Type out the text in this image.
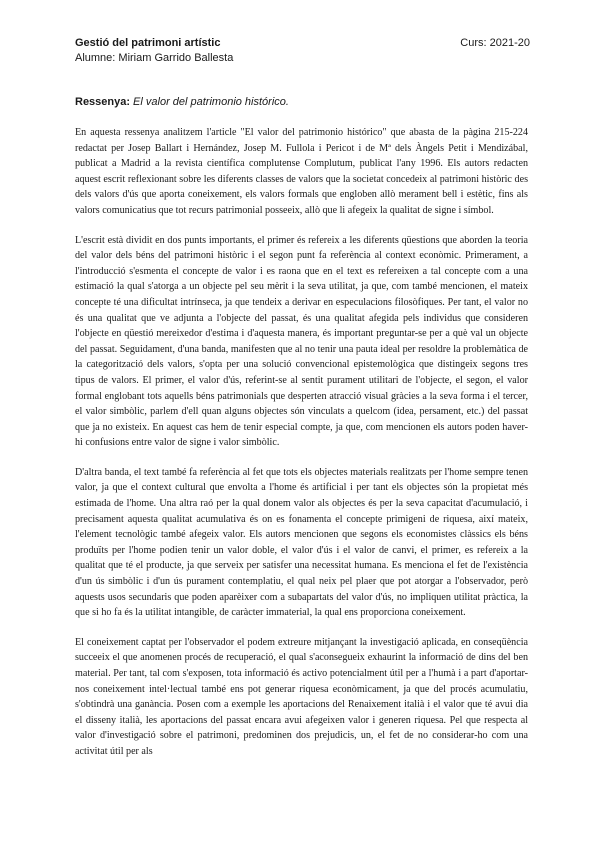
Gestió del patrimoni artístic	Curs: 2021-20
Alumne: Miriam Garrido Ballesta
Ressenya: El valor del patrimonio histórico.

En aquesta ressenya analitzem l'article "El valor del patrimonio histórico" que abasta de la pàgina 215-224 redactat per Josep Ballart i Hernández, Josep M. Fullola i Pericot i de Mª dels Àngels Petit i Mendizábal, publicat a Madrid a la revista científica complutense Complutum, publicat l'any 1996. Els autors redacten aquest escrit reflexionant sobre les diferents classes de valors que la societat concedeix al patrimoni històric des dels valors d'ús que aporta coneixement, els valors formals que engloben allò merament bell i estètic, fins als valors comunicatius que tot recurs patrimonial posseeix, allò que li afegeix la qualitat de signe i símbol.

L'escrit està dividit en dos punts importants, el primer és refereix a les diferents qüestions que aborden la teoria del valor dels béns del patrimoni històric i el segon punt fa referència al context econòmic. Primerament, a l'introducció s'esmenta el concepte de valor i es raona que en el text es refereixen a tal concepte com a una estimació la qual s'atorga a un objecte pel seu mèrit i la seva utilitat, ja que, com també mencionen, el mateix concepte té una dificultat intrínseca, ja que tendeix a derivar en especulacions filosòfiques. Per tant, el valor no és una qualitat que ve adjunta a l'objecte del passat, és una qualitat afegida pels individus que consideren l'objecte en qüestió mereixedor d'estima i d'aquesta manera, és important preguntar-se per a què val un objecte del passat. Seguidament, d'una banda, manifesten que al no tenir una pauta ideal per resoldre la problemàtica de la categorització dels valors, s'opta per una solució convencional epistemològica que distingeix segons tres tipus de valors. El primer, el valor d'ús, referint-se al sentit purament utilitari de l'objecte, el segon, el valor formal englobant tots aquells béns patrimonials que desperten atracció visual gràcies a la seva forma i el tercer, el valor simbòlic, parlem d'ell quan alguns objectes són vinculats a quelcom (idea, persament, etc.) del passat que ja no existeix. En aquest cas hem de tenir especial compte, ja que, com mencionen els autors poden haver-hi confusions entre valor de signe i valor simbòlic.

D'altra banda, el text també fa referència al fet que tots els objectes materials realitzats per l'home sempre tenen valor, ja que el context cultural que envolta a l'home és artificial i per tant els objectes són la propietat més estimada de l'home. Una altra raó per la qual donem valor als objectes és per la seva capacitat d'acumulació, i precisament aquesta qualitat acumulativa és on es fonamenta el concepte primigeni de riquesa, així mateix, l'element tecnològic també afegeix valor. Els autors mencionen que segons els economistes clàssics els béns produïts per l'home podien tenir un valor doble, el valor d'ús i el valor de canvi, el primer, es refereix a la qualitat que té el producte, ja que serveix per satisfer una necessitat humana. Es menciona el fet de l'existència d'un ús simbòlic i d'un ús purament contemplatiu, el qual neix pel plaer que pot atorgar a l'observador, però aquests usos secundaris que poden aparèixer com a subapartats del valor d'ús, no impliquen utilitat pràctica, la que si ho fa és la utilitat intangible, de caràcter immaterial, la qual ens proporciona coneixement.

El coneixement captat per l'observador el podem extreure mitjançant la investigació aplicada, en conseqüència succeeix el que anomenen procés de recuperació, el qual s'aconsegueix exhaurint la informació de dins del ben material. Per tant, tal com s'exposen, tota informació és activo potencialment útil per a l'humà i a part d'aportar-nos coneixement intel·lectual també ens pot generar riquesa econòmicament, ja que del procés acumulatiu, s'obtindrà una ganància. Posen com a exemple les aportacions del Renaixement italià i el valor que té avui dia el disseny italià, les aportacions del passat encara avui afegeixen valor i generen riquesa. Pel que respecta al valor d'investigació sobre el patrimoni, predominen dos prejudicis, un, el fet de no considerar-ho com una activitat útil per als
